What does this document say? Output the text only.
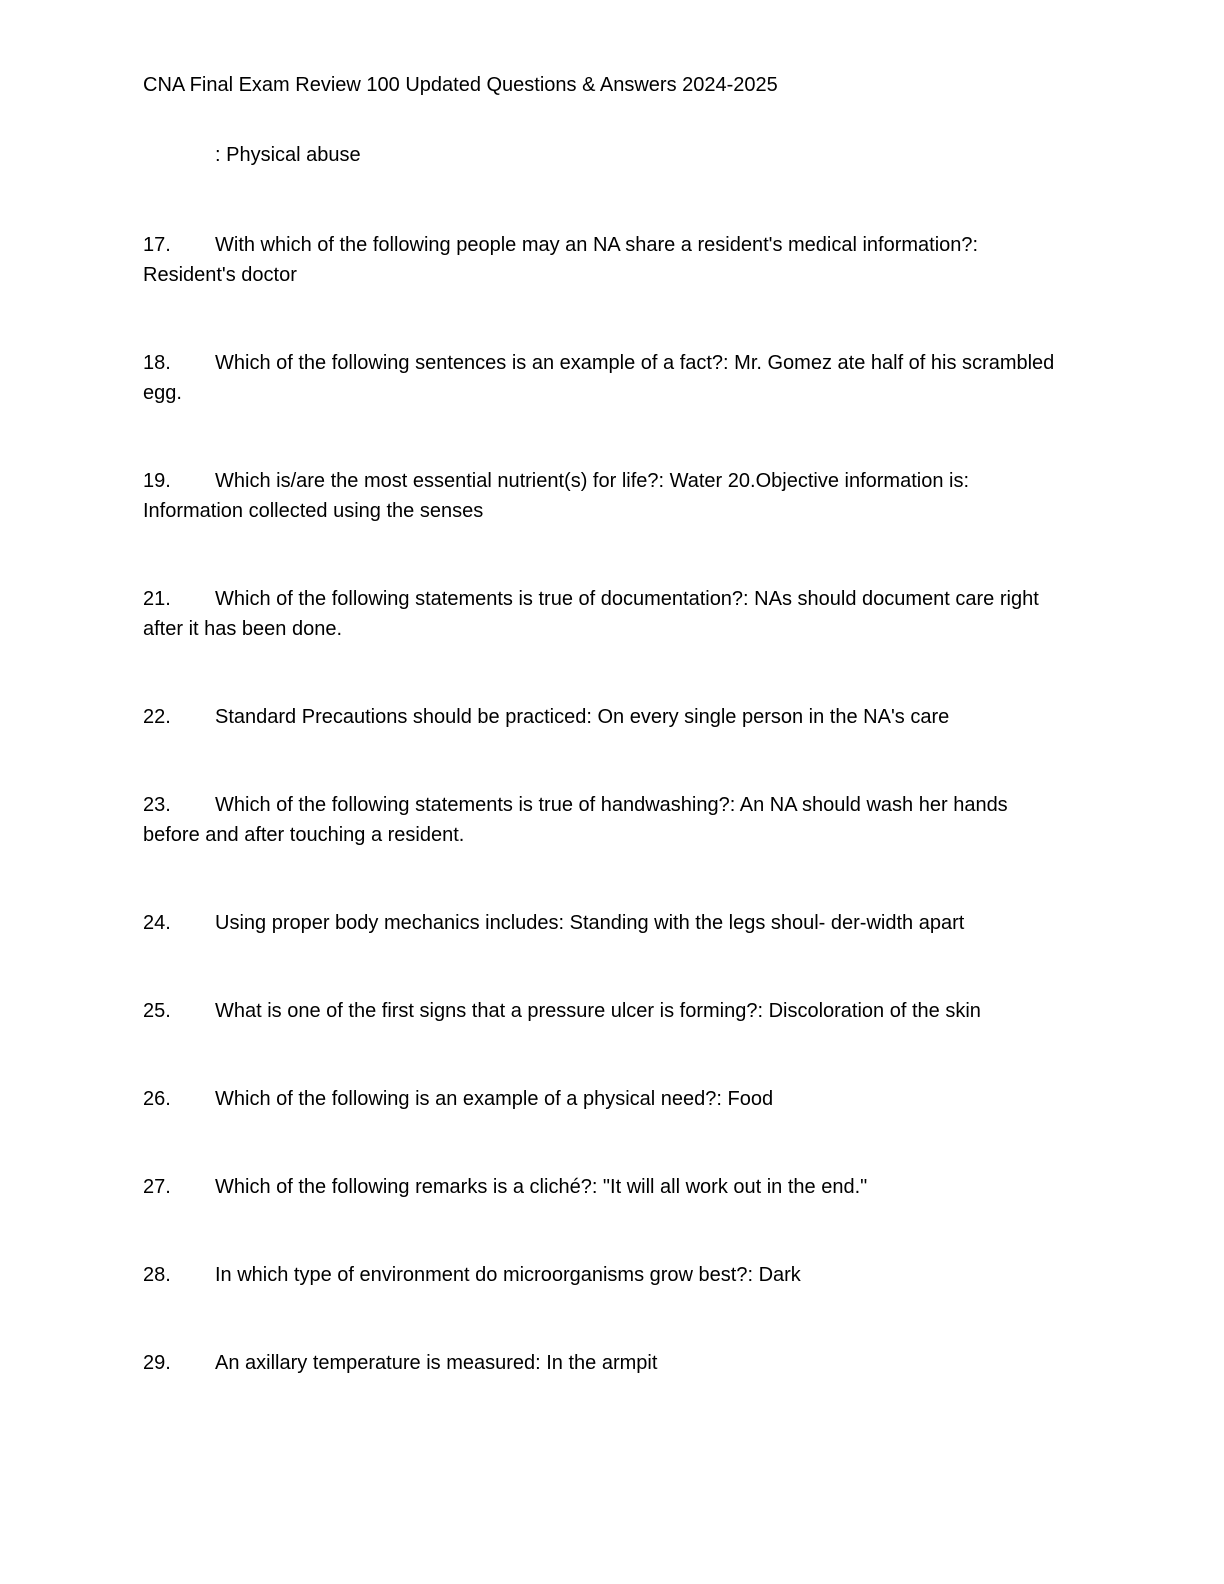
CNA Final Exam Review 100 Updated Questions & Answers 2024-2025

: Physical abuse

17. With which of the following people may an NA share a resident's medical information?:
Resident's doctor

18. Which of the following sentences is an example of a fact?: Mr. Gomez ate half of his scrambled
egg.

19. Which is/are the most essential nutrient(s) for life?: Water 20.Objective information is:
Information collected using the senses

21. Which of the following statements is true of documentation?: NAs should document care right
after it has been done.

22. Standard Precautions should be practiced: On every single person in the NA's care

23. Which of the following statements is true of handwashing?: An NA should wash her hands
before and after touching a resident.

24. Using proper body mechanics includes: Standing with the legs shoul- der-width apart

25. What is one of the first signs that a pressure ulcer is forming?: Discoloration of the skin

26. Which of the following is an example of a physical need?: Food

27. Which of the following remarks is a cliché?: "It will all work out in the end."

28. In which type of environment do microorganisms grow best?: Dark

29. An axillary temperature is measured: In the armpit
